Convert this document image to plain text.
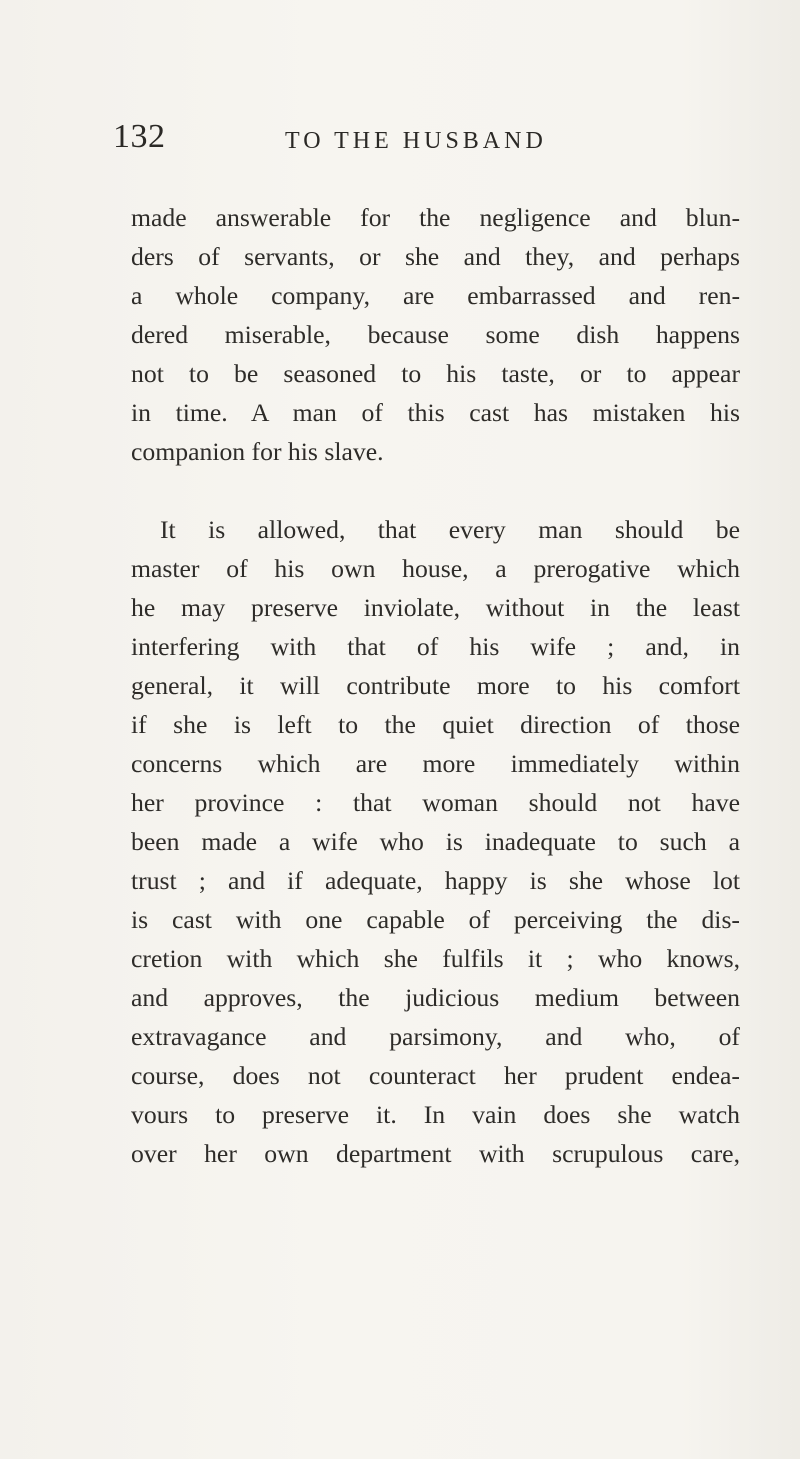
132	TO THE HUSBAND
made answerable for the negligence and blun-
ders of servants, or she and they, and perhaps
a whole company, are embarrassed and ren-
dered miserable, because some dish happens
not to be seasoned to his taste, or to appear
in time. A man of this cast has mistaken his
companion for his slave.
It is allowed, that every man should be
master of his own house, a prerogative which
he may preserve inviolate, without in the least
interfering with that of his wife ; and, in
general, it will contribute more to his comfort
if she is left to the quiet direction of those
concerns which are more immediately within
her province : that woman should not have
been made a wife who is inadequate to such a
trust ; and if adequate, happy is she whose lot
is cast with one capable of perceiving the dis-
cretion with which she fulfils it ; who knows,
and approves, the judicious medium between
extravagance and parsimony, and who, of
course, does not counteract her prudent endea-
vours to preserve it. In vain does she watch
over her own department with scrupulous care,
